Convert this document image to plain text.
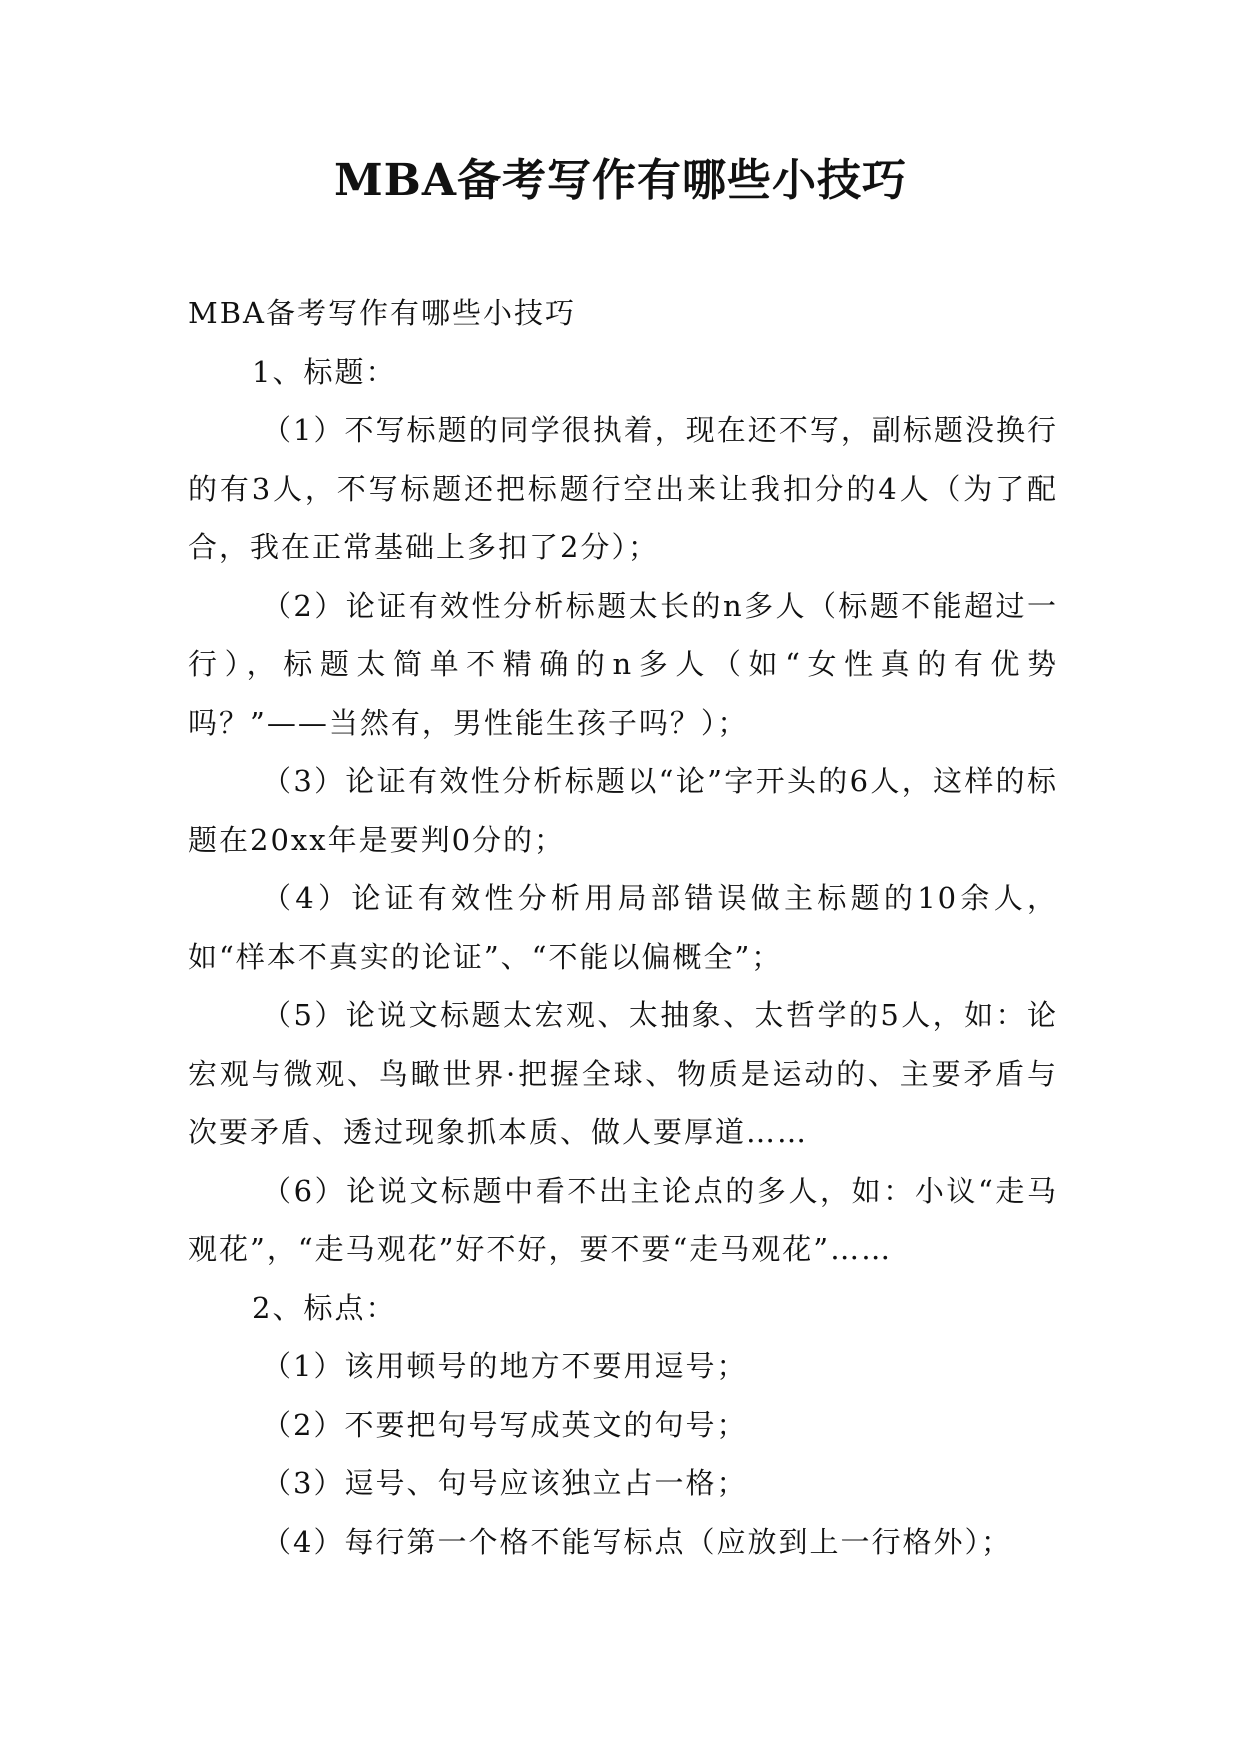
MBA备考写作有哪些小技巧

MBA备考写作有哪些小技巧

1、标题：

（1）不写标题的同学很执着，现在还不写，副标题没换行的有3人，不写标题还把标题行空出来让我扣分的4人（为了配合，我在正常基础上多扣了2分）；

（2）论证有效性分析标题太长的n多人（标题不能超过一行），标题太简单不精确的n多人（如“女性真的有优势吗？”——当然有，男性能生孩子吗？）；

（3）论证有效性分析标题以“论”字开头的6人，这样的标题在20xx年是要判0分的；

（4）论证有效性分析用局部错误做主标题的10余人，如“样本不真实的论证”、“不能以偏概全”；

（5）论说文标题太宏观、太抽象、太哲学的5人，如：论宏观与微观、鸟瞰世界·把握全球、物质是运动的、主要矛盾与次要矛盾、透过现象抓本质、做人要厚道……

（6）论说文标题中看不出主论点的多人，如：小议“走马观花”，“走马观花”好不好，要不要“走马观花”……

2、标点：

（1）该用顿号的地方不要用逗号；

（2）不要把句号写成英文的句号；

（3）逗号、句号应该独立占一格；

（4）每行第一个格不能写标点（应放到上一行格外）；
